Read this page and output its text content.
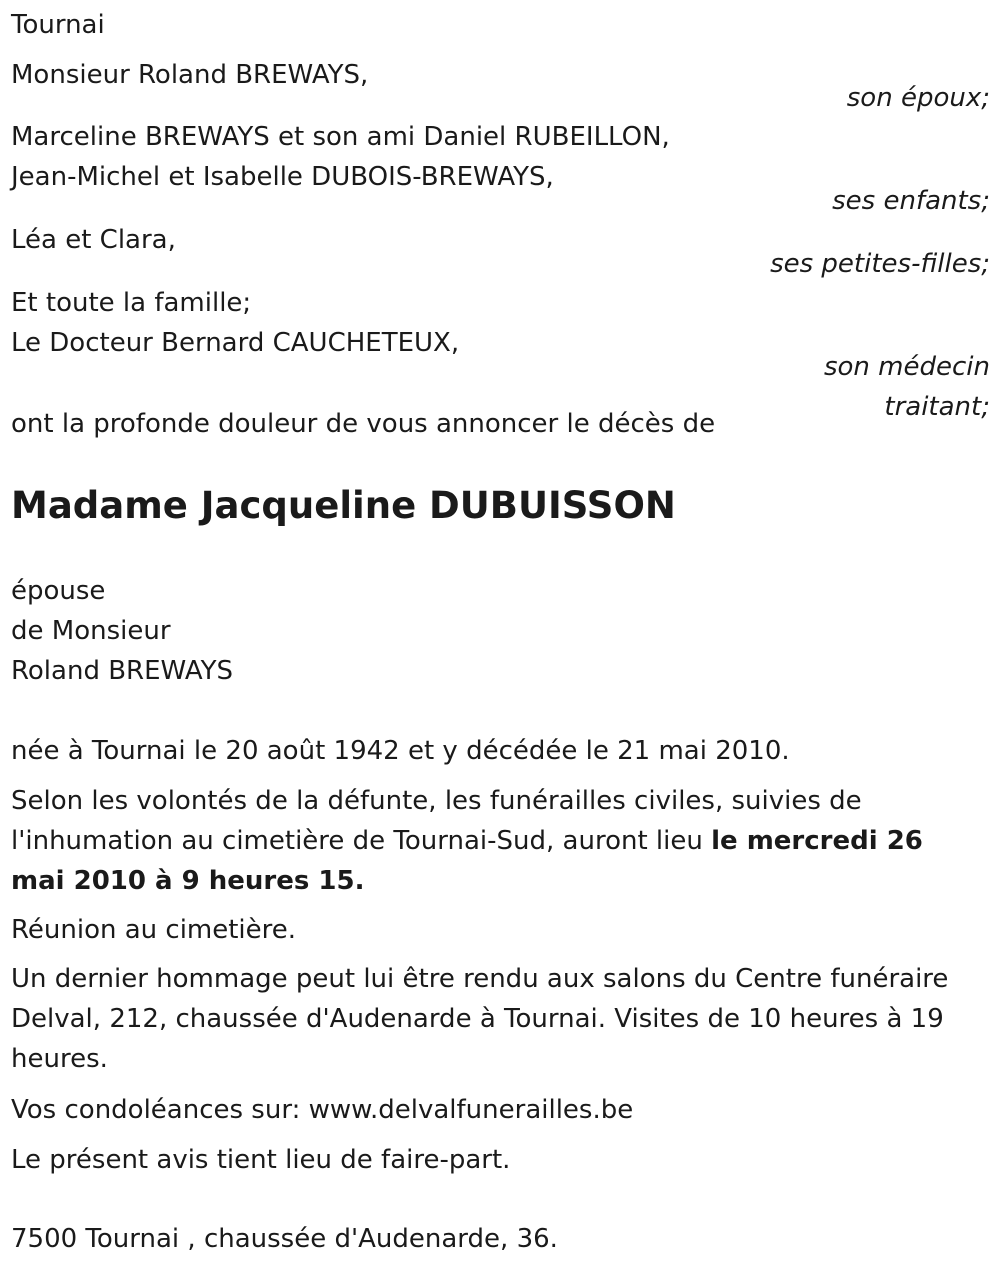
Tournai

Monsieur Roland BREWAYS,

son époux;

Marceline BREWAYS et son ami Daniel RUBEILLON,

Jean-Michel et Isabelle DUBOIS-BREWAYS,

ses enfants;

Léa et Clara,

ses petites-filles;

Et toute la famille;

Le Docteur Bernard CAUCHETEUX,

son médecin

traitant;

ont la profonde douleur de vous annoncer le décès de

Madame Jacqueline DUBUISSON

épouse

de Monsieur

Roland BREWAYS

née à Tournai le 20 août 1942 et y décédée le 21 mai 2010.

Selon les volontés de la défunte, les funérailles civiles, suivies de

l'inhumation au cimetière de Tournai-Sud, auront lieu le mercredi 26

mai 2010 à 9 heures 15.

Réunion au cimetière.

Un dernier hommage peut lui être rendu aux salons du Centre funéraire

Delval, 212, chaussée d'Audenarde à Tournai. Visites de 10 heures à 19

heures.

Vos condoléances sur: www.delvalfunerailles.be

Le présent avis tient lieu de faire-part.

7500 Tournai , chaussée d'Audenarde, 36.
